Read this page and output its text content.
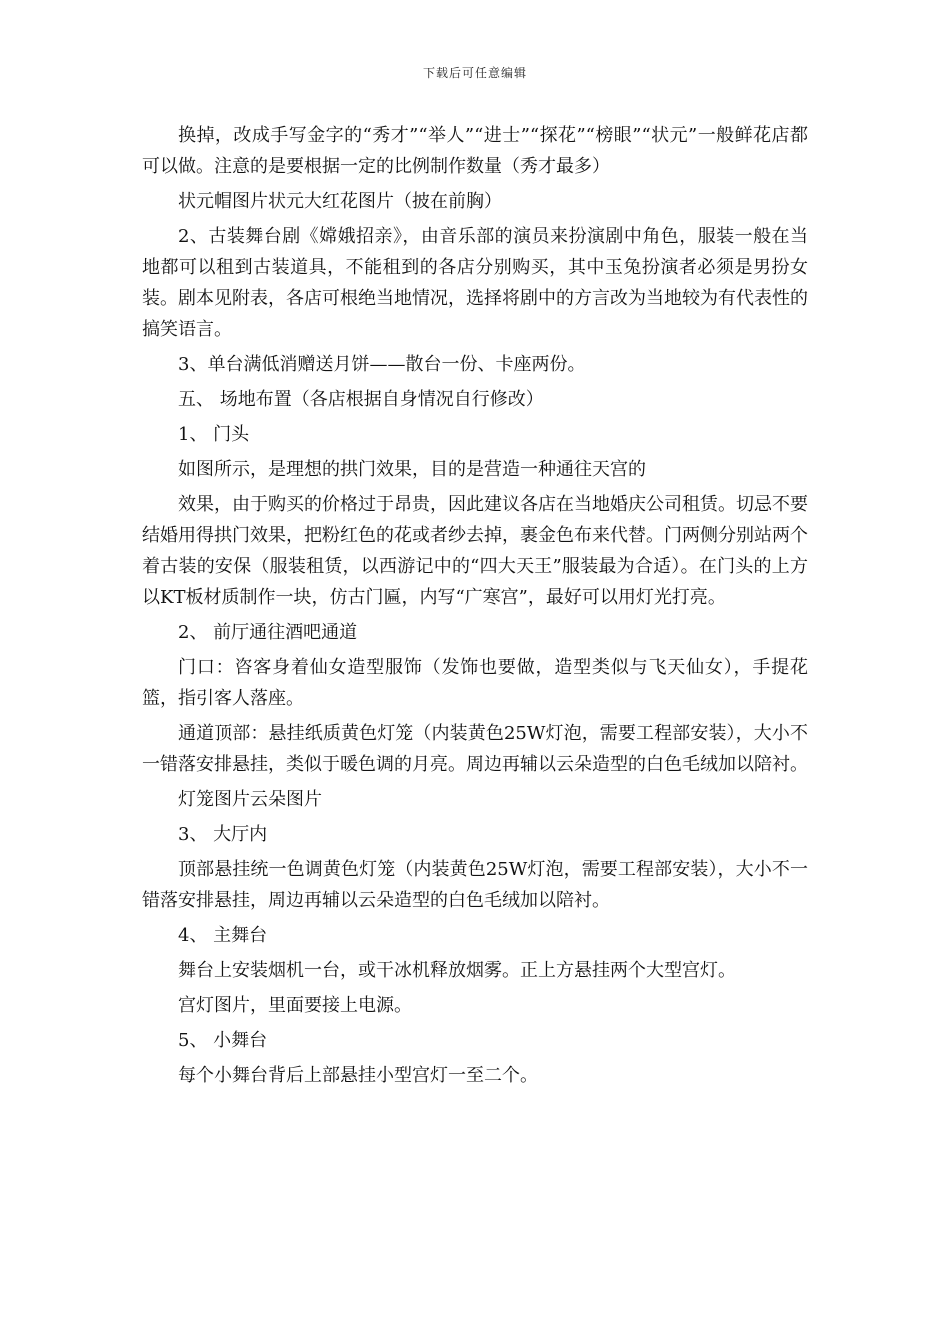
下载后可任意编辑

换掉，改成手写金字的“秀才”“举人”“进士”“探花”“榜眼”“状元”一般鲜花店都可以做。注意的是要根据一定的比例制作数量（秀才最多）

状元帽图片状元大红花图片（披在前胸）

2、古装舞台剧《嫦娥招亲》，由音乐部的演员来扮演剧中角色，服装一般在当地都可以租到古装道具，不能租到的各店分别购买，其中玉兔扮演者必须是男扮女装。剧本见附表，各店可根绝当地情况，选择将剧中的方言改为当地较为有代表性的搞笑语言。

3、单台满低消赠送月饼——散台一份、卡座两份。

五、 场地布置（各店根据自身情况自行修改）

1、 门头

如图所示，是理想的拱门效果，目的是营造一种通往天宫的

效果，由于购买的价格过于昂贵，因此建议各店在当地婚庆公司租赁。切忌不要结婚用得拱门效果，把粉红色的花或者纱去掉，裹金色布来代替。门两侧分别站两个着古装的安保（服装租赁，以西游记中的“四大天王”服装最为合适）。在门头的上方以KT板材质制作一块，仿古门匾，内写“广寒宫”，最好可以用灯光打亮。

2、 前厅通往酒吧通道

门口：咨客身着仙女造型服饰（发饰也要做，造型类似与飞天仙女），手提花篮，指引客人落座。

通道顶部：悬挂纸质黄色灯笼（内装黄色25W灯泡，需要工程部安装），大小不一错落安排悬挂，类似于暖色调的月亮。周边再辅以云朵造型的白色毛绒加以陪衬。

灯笼图片云朵图片

3、 大厅内

顶部悬挂统一色调黄色灯笼（内装黄色25W灯泡，需要工程部安装），大小不一错落安排悬挂，周边再辅以云朵造型的白色毛绒加以陪衬。

4、 主舞台

舞台上安装烟机一台，或干冰机释放烟雾。正上方悬挂两个大型宫灯。

宫灯图片，里面要接上电源。

5、 小舞台

每个小舞台背后上部悬挂小型宫灯一至二个。
